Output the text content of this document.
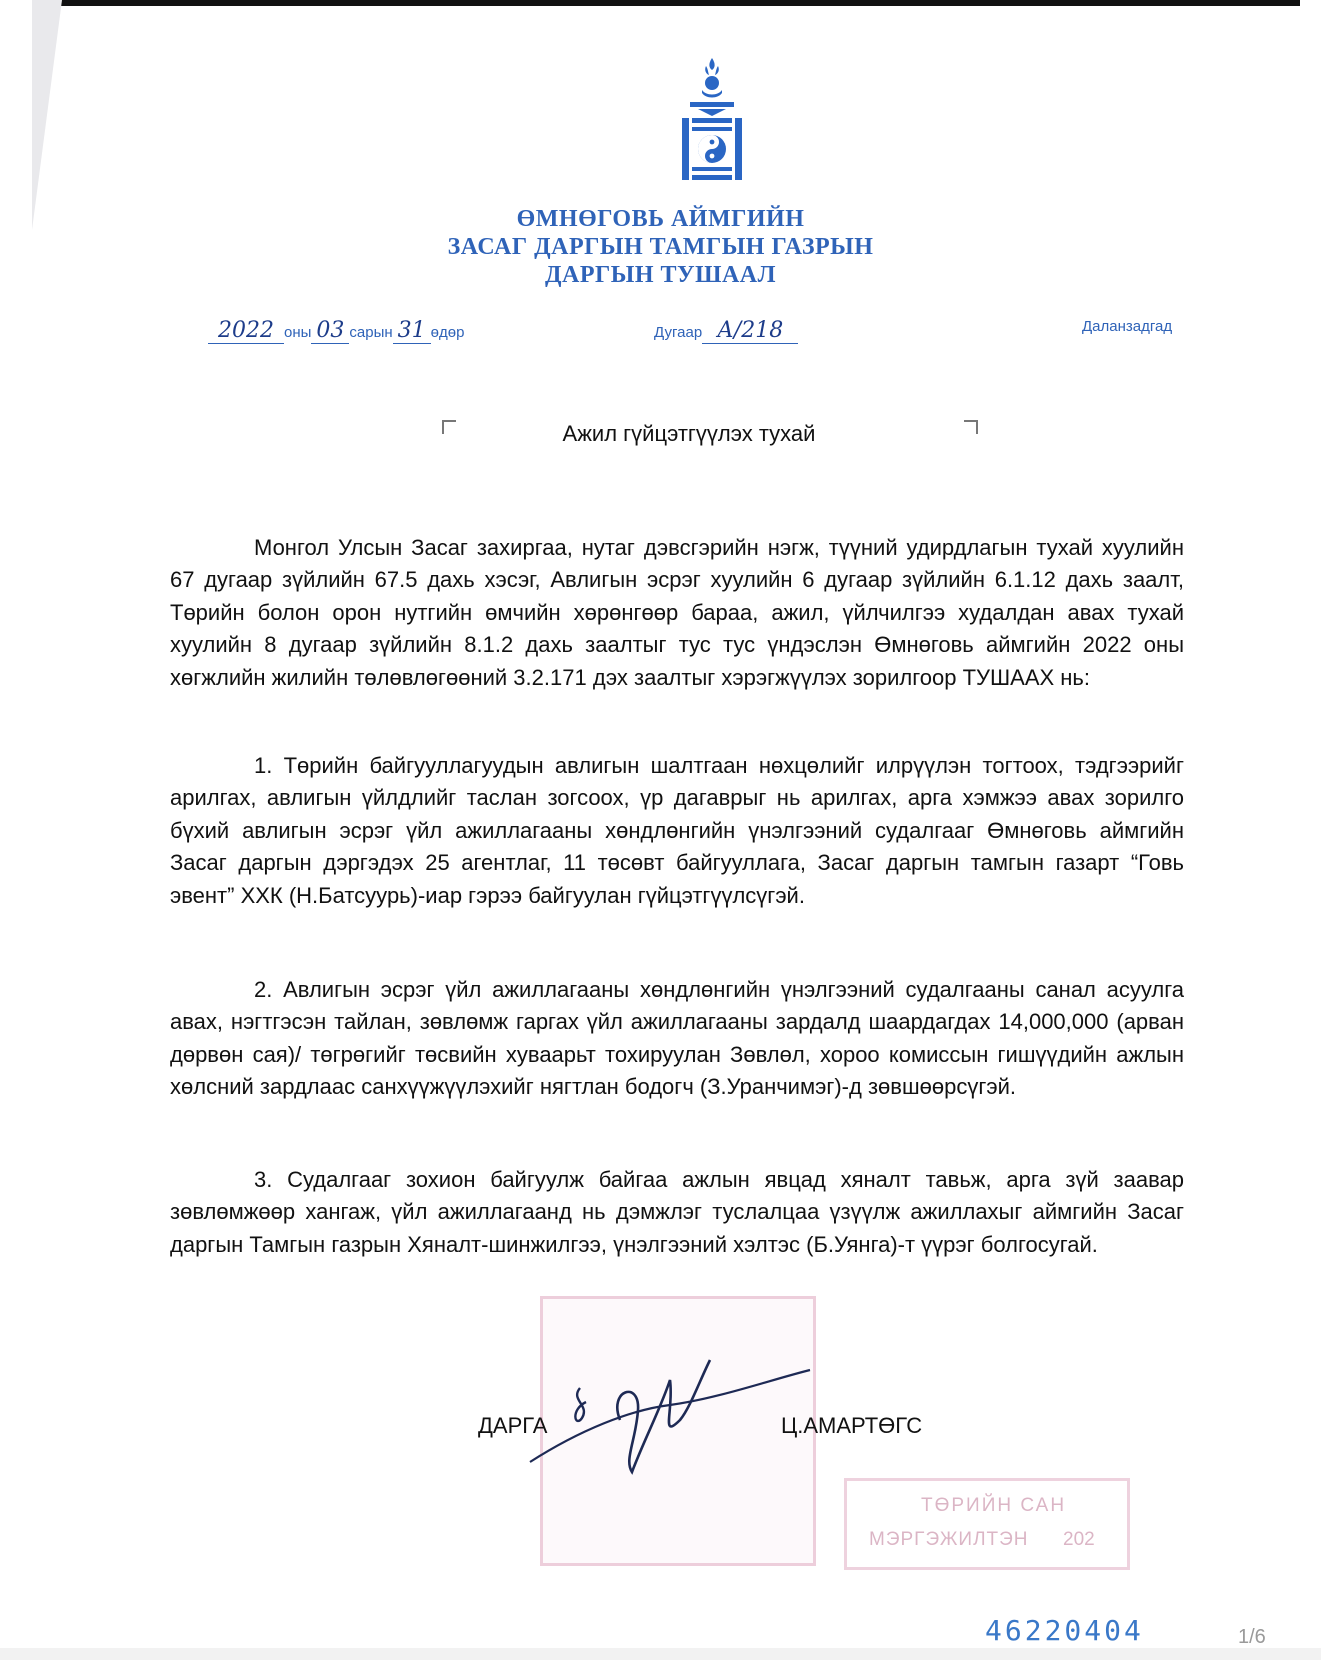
ӨМНӨГОВЬ АЙМГИЙН
ЗАСАГ ДАРГЫН ТАМГЫН ГАЗРЫН
ДАРГЫН ТУШААЛ
2022 оны 03 сарын 31 өдөр	Дугаар А/218	Даланзадгад
Ажил гүйцэтгүүлэх тухай
Монгол Улсын Засаг захиргаа, нутаг дэвсгэрийн нэгж, түүний удирдлагын тухай хуулийн 67 дугаар зүйлийн 67.5 дахь хэсэг, Авлигын эсрэг хуулийн 6 дугаар зүйлийн 6.1.12 дахь заалт, Төрийн болон орон нутгийн өмчийн хөрөнгөөр бараа, ажил, үйлчилгээ худалдан авах тухай хуулийн 8 дугаар зүйлийн 8.1.2 дахь заалтыг тус тус үндэслэн Өмнөговь аймгийн 2022 оны хөгжлийн жилийн төлөвлөгөөний 3.2.171 дэх заалтыг хэрэгжүүлэх зорилгоор ТУШААХ нь:
1. Төрийн байгууллагуудын авлигын шалтгаан нөхцөлийг илрүүлэн тогтоох, тэдгээрийг арилгах, авлигын үйлдлийг таслан зогсоох, үр дагаврыг нь арилгах, арга хэмжээ авах зорилго бүхий авлигын эсрэг үйл ажиллагааны хөндлөнгийн үнэлгээний судалгааг Өмнөговь аймгийн Засаг даргын дэргэдэх 25 агентлаг, 11 төсөвт байгууллага, Засаг даргын тамгын газарт “Говь эвент” ХХК (Н.Батсуурь)-иар гэрээ байгуулан гүйцэтгүүлсүгэй.
2. Авлигын эсрэг үйл ажиллагааны хөндлөнгийн үнэлгээний судалгааны санал асуулга авах, нэгтгэсэн тайлан, зөвлөмж гаргах үйл ажиллагааны зардалд шаардагдах 14,000,000 (арван дөрвөн сая)/ төгрөгийг төсвийн хуваарьт тохируулан Зөвлөл, хороо комиссын гишүүдийн ажлын хөлсний зардлаас санхүүжүүлэхийг нягтлан бодогч (З.Уранчимэг)-д зөвшөөрсүгэй.
3. Судалгааг зохион байгуулж байгаа ажлын явцад хяналт тавьж, арга зүй заавар зөвлөмжөөр хангаж, үйл ажиллагаанд нь дэмжлэг туслалцаа үзүүлж ажиллахыг аймгийн Засаг даргын Тамгын газрын Хяналт-шинжилгээ, үнэлгээний хэлтэс (Б.Уянга)-т үүрэг болгосугай.
ДАРГА	Ц.АМАРТӨГС
ТӨРИЙН САН
МЭРГЭЖИЛТЭН 202
46220404	1/6
